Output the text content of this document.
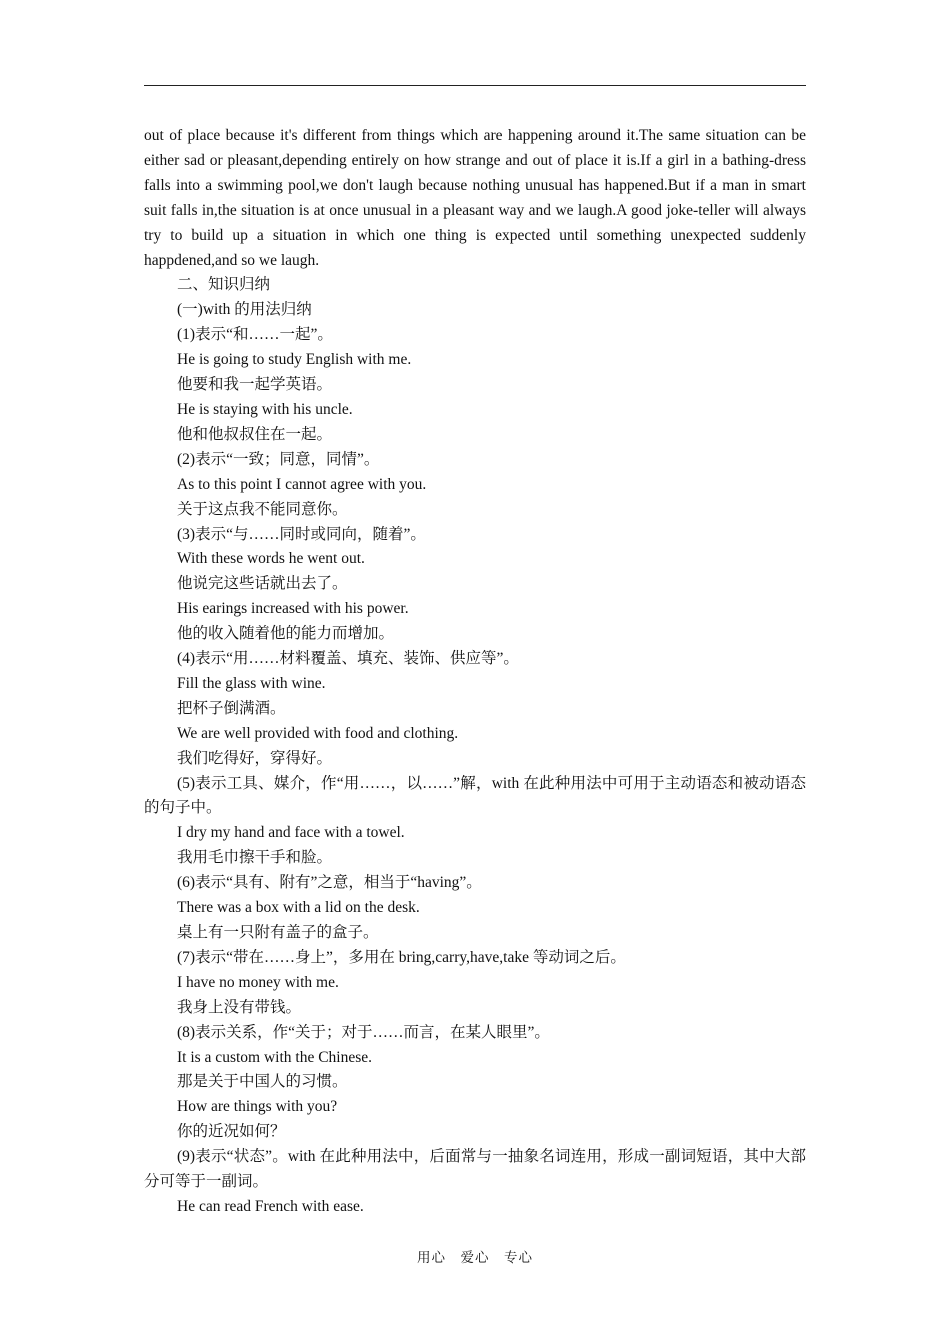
out of place because it's different from things which are happening around it.The same situation can be either sad or pleasant,depending entirely on how strange and out of place it is.If a girl in a bathing-dress falls into a swimming pool,we don't laugh because nothing unusual has happened.But if a man in smart suit falls in,the situation is at once unusual in a pleasant way and we laugh.A good joke-teller will always try to build up a situation in which one thing is expected until something unexpected suddenly happdened,and so we laugh.

二、知识归纳

(一)with 的用法归纳

(1)表示“和……一起”。

He is going to study English with me.

他要和我一起学英语。

He is staying with his uncle.

他和他叔叔住在一起。

(2)表示“一致；同意，同情”。

As to this point I cannot agree with you.

关于这点我不能同意你。

(3)表示“与……同时或同向，随着”。

With these words he went out.

他说完这些话就出去了。

His earings increased with his power.

他的收入随着他的能力而增加。

(4)表示“用……材料覆盖、填充、装饰、供应等”。

Fill the glass with wine.

把杯子倒满酒。

We are well provided with food and clothing.

我们吃得好，穿得好。

(5)表示工具、媒介，作“用……，以……”解，with 在此种用法中可用于主动语态和被动语态的句子中。

I dry my hand and face with a towel.

我用毛巾擦干手和脸。

(6)表示“具有、附有”之意，相当于“having”。

There was a box with a lid on the desk.

桌上有一只附有盖子的盒子。

(7)表示“带在……身上”，多用在 bring,carry,have,take 等动词之后。

I have no money with me.

我身上没有带钱。

(8)表示关系，作“关于；对于……而言，在某人眼里”。

It is a custom with the Chinese.

那是关于中国人的习惯。

How are things with you?

你的近况如何？

(9)表示“状态”。with 在此种用法中，后面常与一抽象名词连用，形成一副词短语，其中大部分可等于一副词。

He can read French with ease.

用心　爱心　专心
